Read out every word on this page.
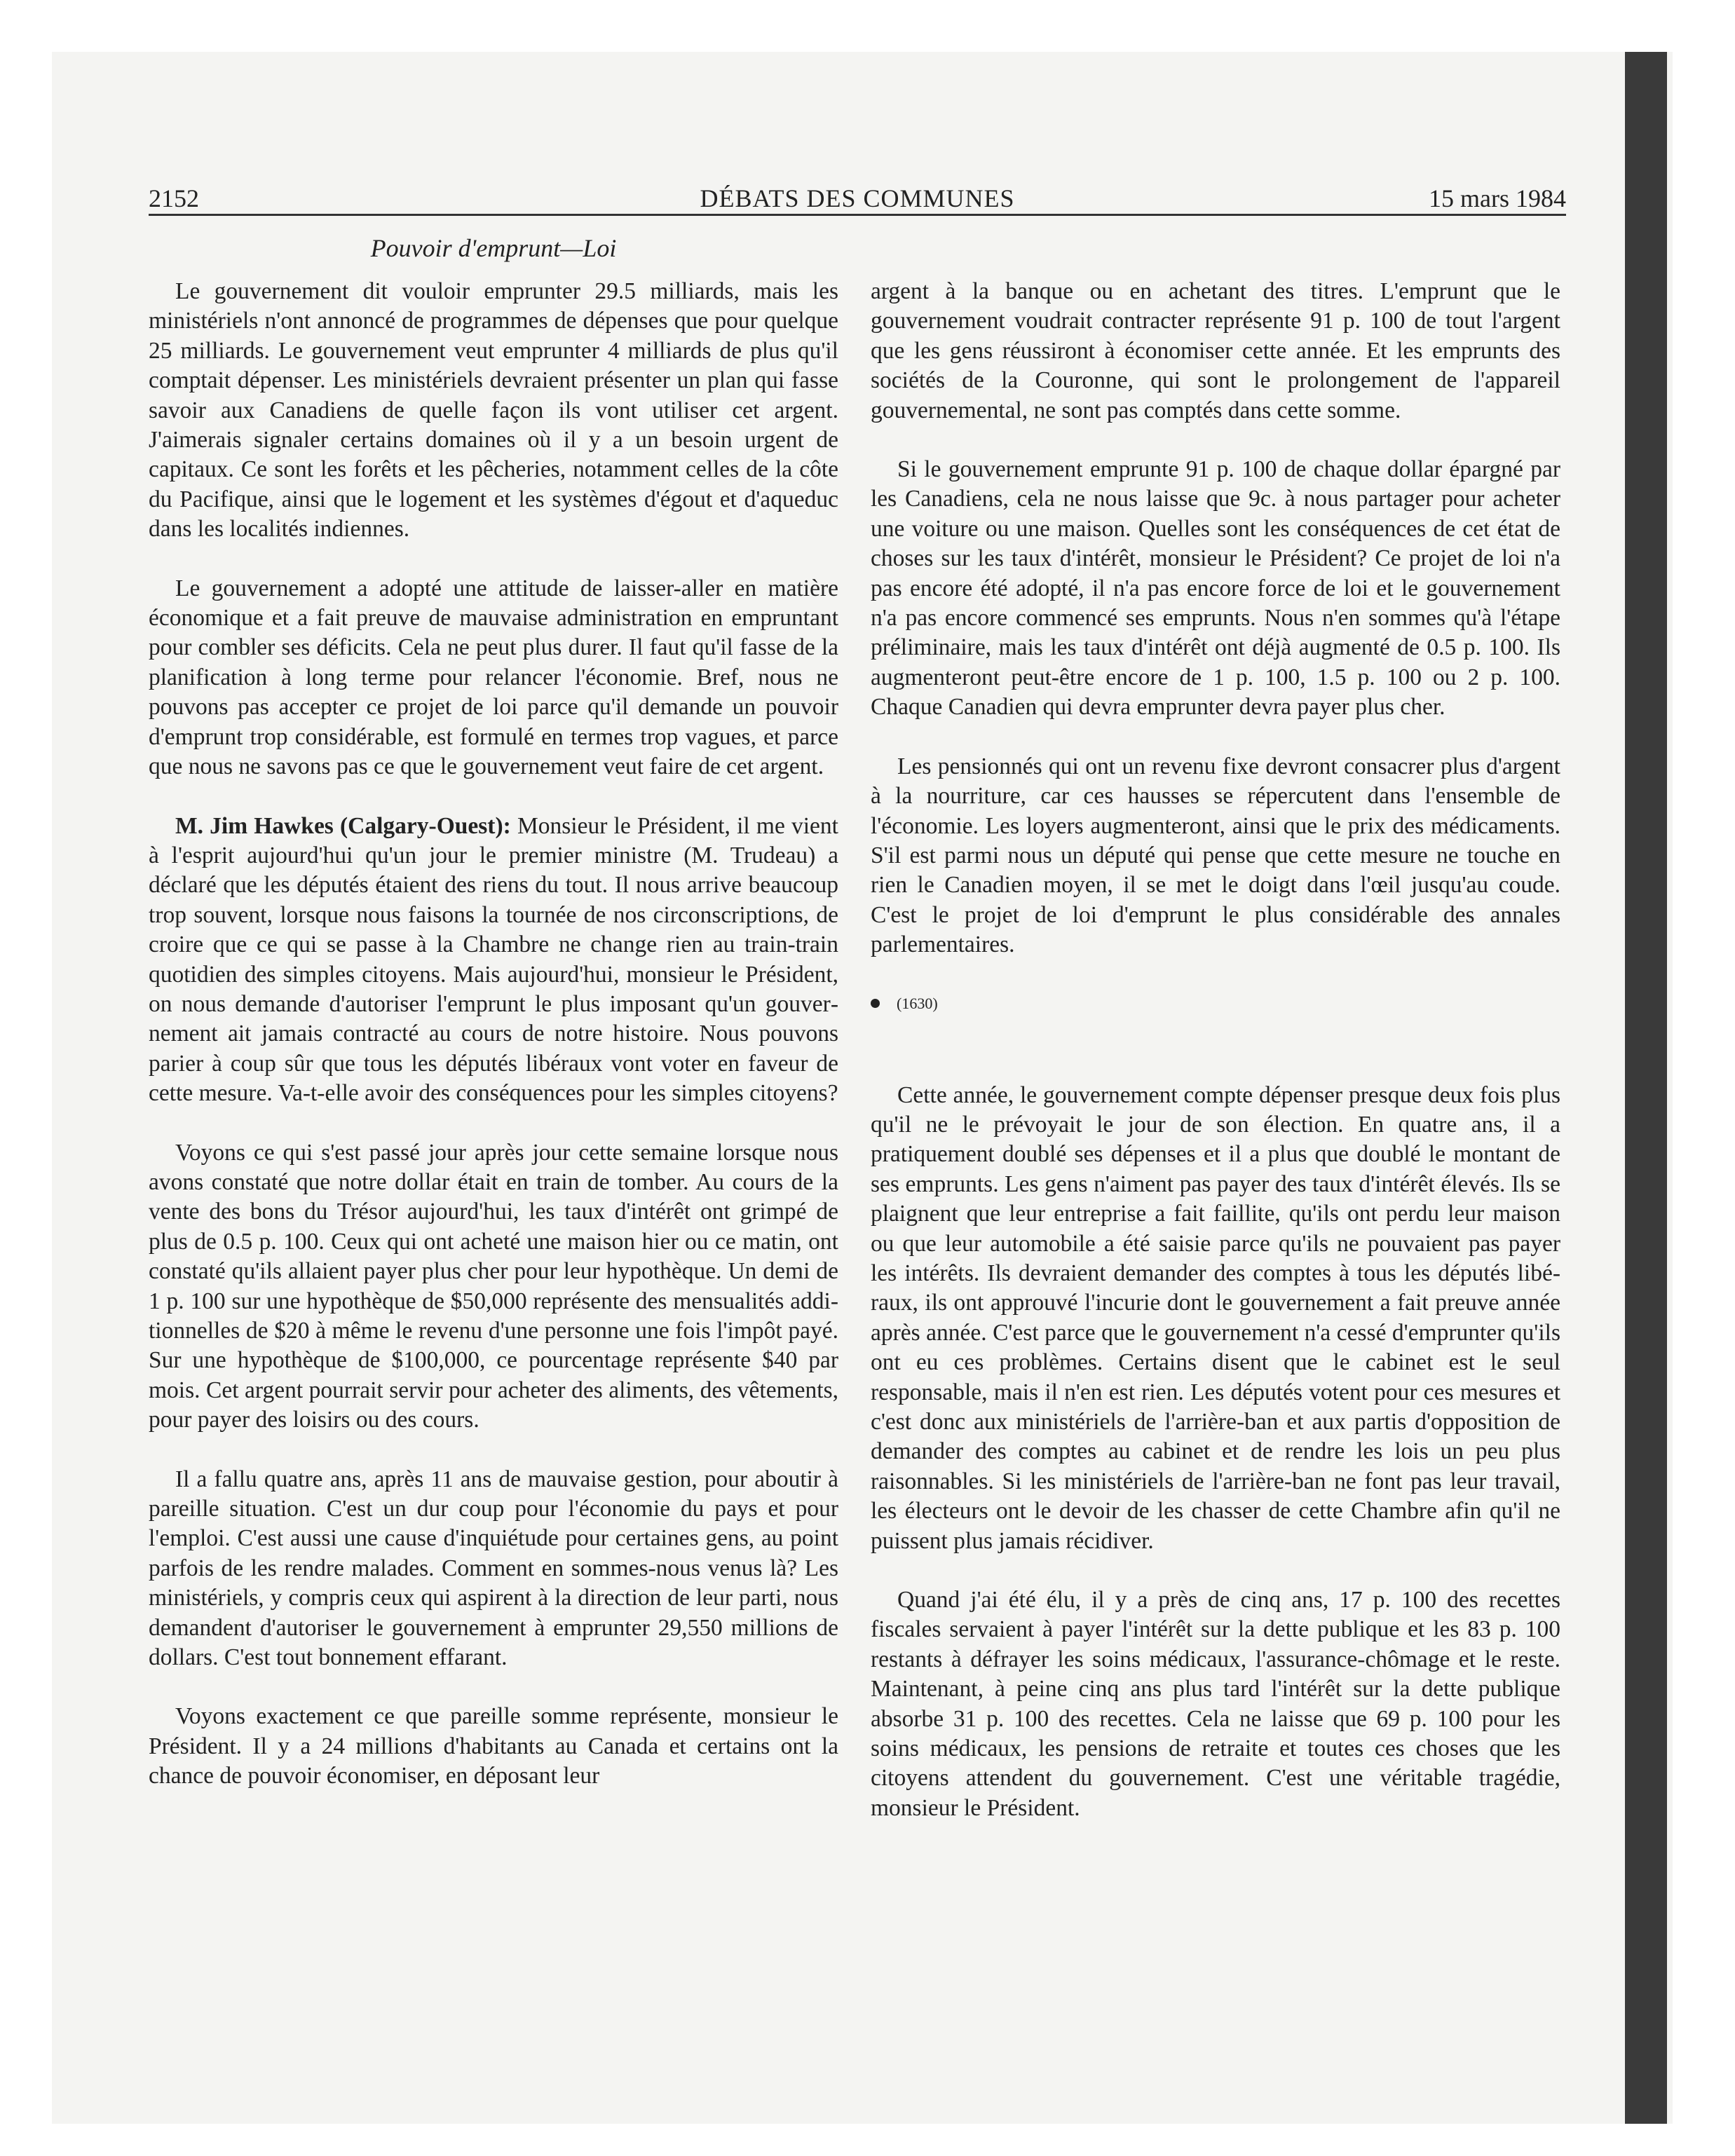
2152	DÉBATS DES COMMUNES	15 mars 1984
Pouvoir d'emprunt—Loi

Le gouvernement dit vouloir emprunter 29.5 milliards, mais les ministériels n'ont annoncé de programmes de dépenses que pour quelque 25 milliards. Le gouvernement veut emprunter 4 milliards de plus qu'il comptait dépenser. Les ministériels devraient présenter un plan qui fasse savoir aux Canadiens de quelle façon ils vont utiliser cet argent. J'aimerais signaler certains domaines où il y a un besoin urgent de capitaux. Ce sont les forêts et les pêcheries, notamment celles de la côte du Pacifique, ainsi que le logement et les systèmes d'égout et d'aqueduc dans les localités indiennes.

Le gouvernement a adopté une attitude de laisser-aller en matière économique et a fait preuve de mauvaise administration en empruntant pour combler ses déficits. Cela ne peut plus durer. Il faut qu'il fasse de la planification à long terme pour relancer l'économie. Bref, nous ne pouvons pas accepter ce projet de loi parce qu'il demande un pouvoir d'emprunt trop considérable, est formulé en termes trop vagues, et parce que nous ne savons pas ce que le gouvernement veut faire de cet argent.

M. Jim Hawkes (Calgary-Ouest): Monsieur le Président, il me vient à l'esprit aujourd'hui qu'un jour le premier ministre (M. Trudeau) a déclaré que les députés étaient des riens du tout. Il nous arrive beaucoup trop souvent, lorsque nous faisons la tournée de nos circonscriptions, de croire que ce qui se passe à la Chambre ne change rien au train-train quotidien des simples citoyens. Mais aujourd'hui, monsieur le Président, on nous demande d'autoriser l'emprunt le plus imposant qu'un gouvernement ait jamais contracté au cours de notre histoire. Nous pouvons parier à coup sûr que tous les députés libéraux vont voter en faveur de cette mesure. Va-t-elle avoir des conséquences pour les simples citoyens?

Voyons ce qui s'est passé jour après jour cette semaine lorsque nous avons constaté que notre dollar était en train de tomber. Au cours de la vente des bons du Trésor aujourd'hui, les taux d'intérêt ont grimpé de plus de 0.5 p. 100. Ceux qui ont acheté une maison hier ou ce matin, ont constaté qu'ils allaient payer plus cher pour leur hypothèque. Un demi de 1 p. 100 sur une hypothèque de $50,000 représente des mensualités additionnelles de $20 à même le revenu d'une personne une fois l'impôt payé. Sur une hypothèque de $100,000, ce pourcentage représente $40 par mois. Cet argent pourrait servir pour acheter des aliments, des vêtements, pour payer des loisirs ou des cours.

Il a fallu quatre ans, après 11 ans de mauvaise gestion, pour aboutir à pareille situation. C'est un dur coup pour l'économie du pays et pour l'emploi. C'est aussi une cause d'inquiétude pour certaines gens, au point parfois de les rendre malades. Comment en sommes-nous venus là? Les ministériels, y compris ceux qui aspirent à la direction de leur parti, nous demandent d'autoriser le gouvernement à emprunter 29,550 millions de dollars. C'est tout bonnement effarant.

Voyons exactement ce que pareille somme représente, monsieur le Président. Il y a 24 millions d'habitants au Canada et certains ont la chance de pouvoir économiser, en déposant leur

argent à la banque ou en achetant des titres. L'emprunt que le gouvernement voudrait contracter représente 91 p. 100 de tout l'argent que les gens réussiront à économiser cette année. Et les emprunts des sociétés de la Couronne, qui sont le prolongement de l'appareil gouvernemental, ne sont pas comptés dans cette somme.

Si le gouvernement emprunte 91 p. 100 de chaque dollar épargné par les Canadiens, cela ne nous laisse que 9c. à nous partager pour acheter une voiture ou une maison. Quelles sont les conséquences de cet état de choses sur les taux d'intérêt, monsieur le Président? Ce projet de loi n'a pas encore été adopté, il n'a pas encore force de loi et le gouvernement n'a pas encore commencé ses emprunts. Nous n'en sommes qu'à l'étape préliminaire, mais les taux d'intérêt ont déjà augmenté de 0.5 p. 100. Ils augmenteront peut-être encore de 1 p. 100, 1.5 p. 100 ou 2 p. 100. Chaque Canadien qui devra emprunter devra payer plus cher.

Les pensionnés qui ont un revenu fixe devront consacrer plus d'argent à la nourriture, car ces hausses se répercutent dans l'ensemble de l'économie. Les loyers augmenteront, ainsi que le prix des médicaments. S'il est parmi nous un député qui pense que cette mesure ne touche en rien le Canadien moyen, il se met le doigt dans l'œil jusqu'au coude. C'est le projet de loi d'emprunt le plus considérable des annales parlementaires.

(1630)

Cette année, le gouvernement compte dépenser presque deux fois plus qu'il ne le prévoyait le jour de son élection. En quatre ans, il a pratiquement doublé ses dépenses et il a plus que doublé le montant de ses emprunts. Les gens n'aiment pas payer des taux d'intérêt élevés. Ils se plaignent que leur entreprise a fait faillite, qu'ils ont perdu leur maison ou que leur automobile a été saisie parce qu'ils ne pouvaient pas payer les intérêts. Ils devraient demander des comptes à tous les députés libéraux, ils ont approuvé l'incurie dont le gouvernement a fait preuve année après année. C'est parce que le gouvernement n'a cessé d'emprunter qu'ils ont eu ces problèmes. Certains disent que le cabinet est le seul responsable, mais il n'en est rien. Les députés votent pour ces mesures et c'est donc aux ministériels de l'arrière-ban et aux partis d'opposition de demander des comptes au cabinet et de rendre les lois un peu plus raisonnables. Si les ministériels de l'arrière-ban ne font pas leur travail, les électeurs ont le devoir de les chasser de cette Chambre afin qu'il ne puissent plus jamais récidiver.

Quand j'ai été élu, il y a près de cinq ans, 17 p. 100 des recettes fiscales servaient à payer l'intérêt sur la dette publique et les 83 p. 100 restants à défrayer les soins médicaux, l'assurance-chômage et le reste. Maintenant, à peine cinq ans plus tard l'intérêt sur la dette publique absorbe 31 p. 100 des recettes. Cela ne laisse que 69 p. 100 pour les soins médicaux, les pensions de retraite et toutes ces choses que les citoyens attendent du gouvernement. C'est une véritable tragédie, monsieur le Président.
